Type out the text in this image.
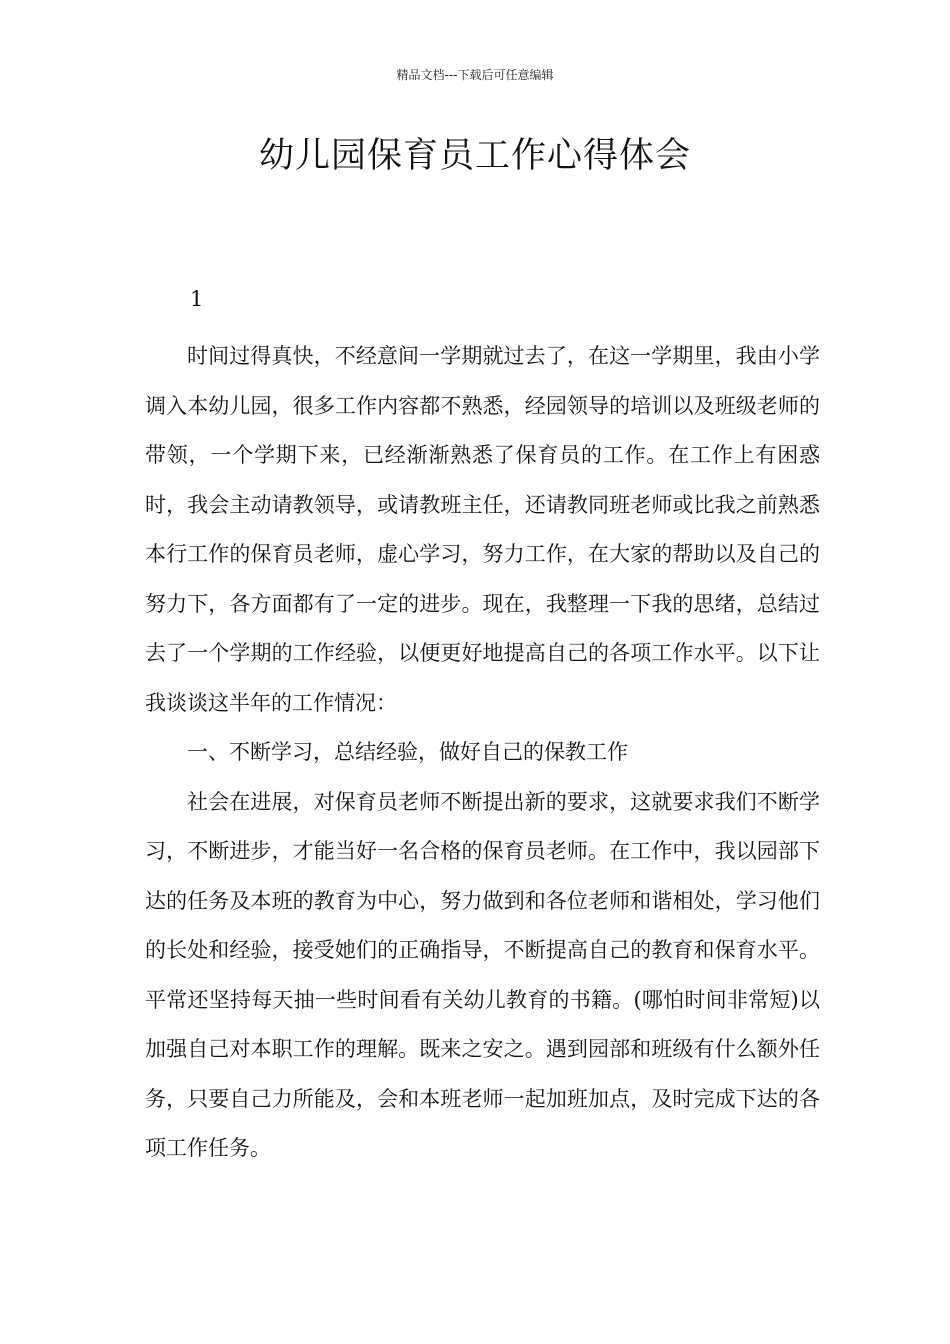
精品文档---下载后可任意编辑
幼儿园保育员工作心得体会
1

时间过得真快，不经意间一学期就过去了，在这一学期里，我由小学调入本幼儿园，很多工作内容都不熟悉，经园领导的培训以及班级老师的带领，一个学期下来，已经渐渐熟悉了保育员的工作。在工作上有困惑时，我会主动请教领导，或请教班主任，还请教同班老师或比我之前熟悉本行工作的保育员老师，虚心学习，努力工作，在大家的帮助以及自己的努力下，各方面都有了一定的进步。现在，我整理一下我的思绪，总结过去了一个学期的工作经验，以便更好地提高自己的各项工作水平。以下让我谈谈这半年的工作情况：

一、不断学习，总结经验，做好自己的保教工作

社会在进展，对保育员老师不断提出新的要求，这就要求我们不断学习，不断进步，才能当好一名合格的保育员老师。在工作中，我以园部下达的任务及本班的教育为中心，努力做到和各位老师和谐相处，学习他们的长处和经验，接受她们的正确指导，不断提高自己的教育和保育水平。平常还坚持每天抽一些时间看有关幼儿教育的书籍。(哪怕时间非常短)以加强自己对本职工作的理解。既来之安之。遇到园部和班级有什么额外任务，只要自己力所能及，会和本班老师一起加班加点，及时完成下达的各项工作任务。
